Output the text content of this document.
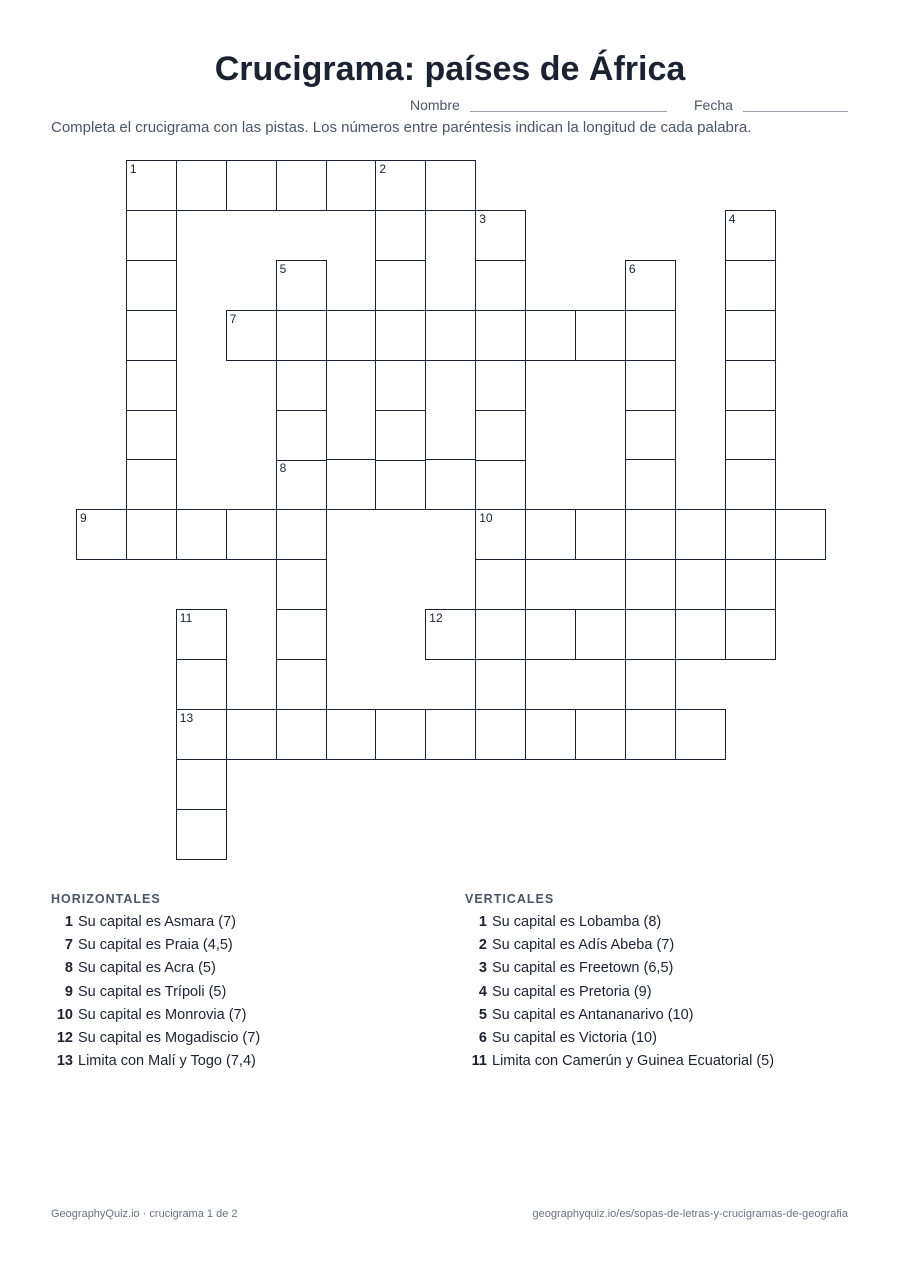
Crucigrama: países de África
Nombre	Fecha
Completa el crucigrama con las pistas. Los números entre paréntesis indican la longitud de cada palabra.
1	2
7
8
9	10
12
13
3	4
5	6
11
HORIZONTALES
1 Su capital es Asmara (7)
7 Su capital es Praia (4,5)
8 Su capital es Acra (5)
9 Su capital es Trípoli (5)
10 Su capital es Monrovia (7)
12 Su capital es Mogadiscio (7)
13 Limita con Malí y Togo (7,4)
VERTICALES
1 Su capital es Lobamba (8)
2 Su capital es Adís Abeba (7)
3 Su capital es Freetown (6,5)
4 Su capital es Pretoria (9)
5 Su capital es Antananarivo (10)
6 Su capital es Victoria (10)
11 Limita con Camerún y Guinea Ecuatorial (5)
GeographyQuiz.io · crucigrama 1 de 2	geographyquiz.io/es/sopas-de-letras-y-crucigramas-de-geografia
